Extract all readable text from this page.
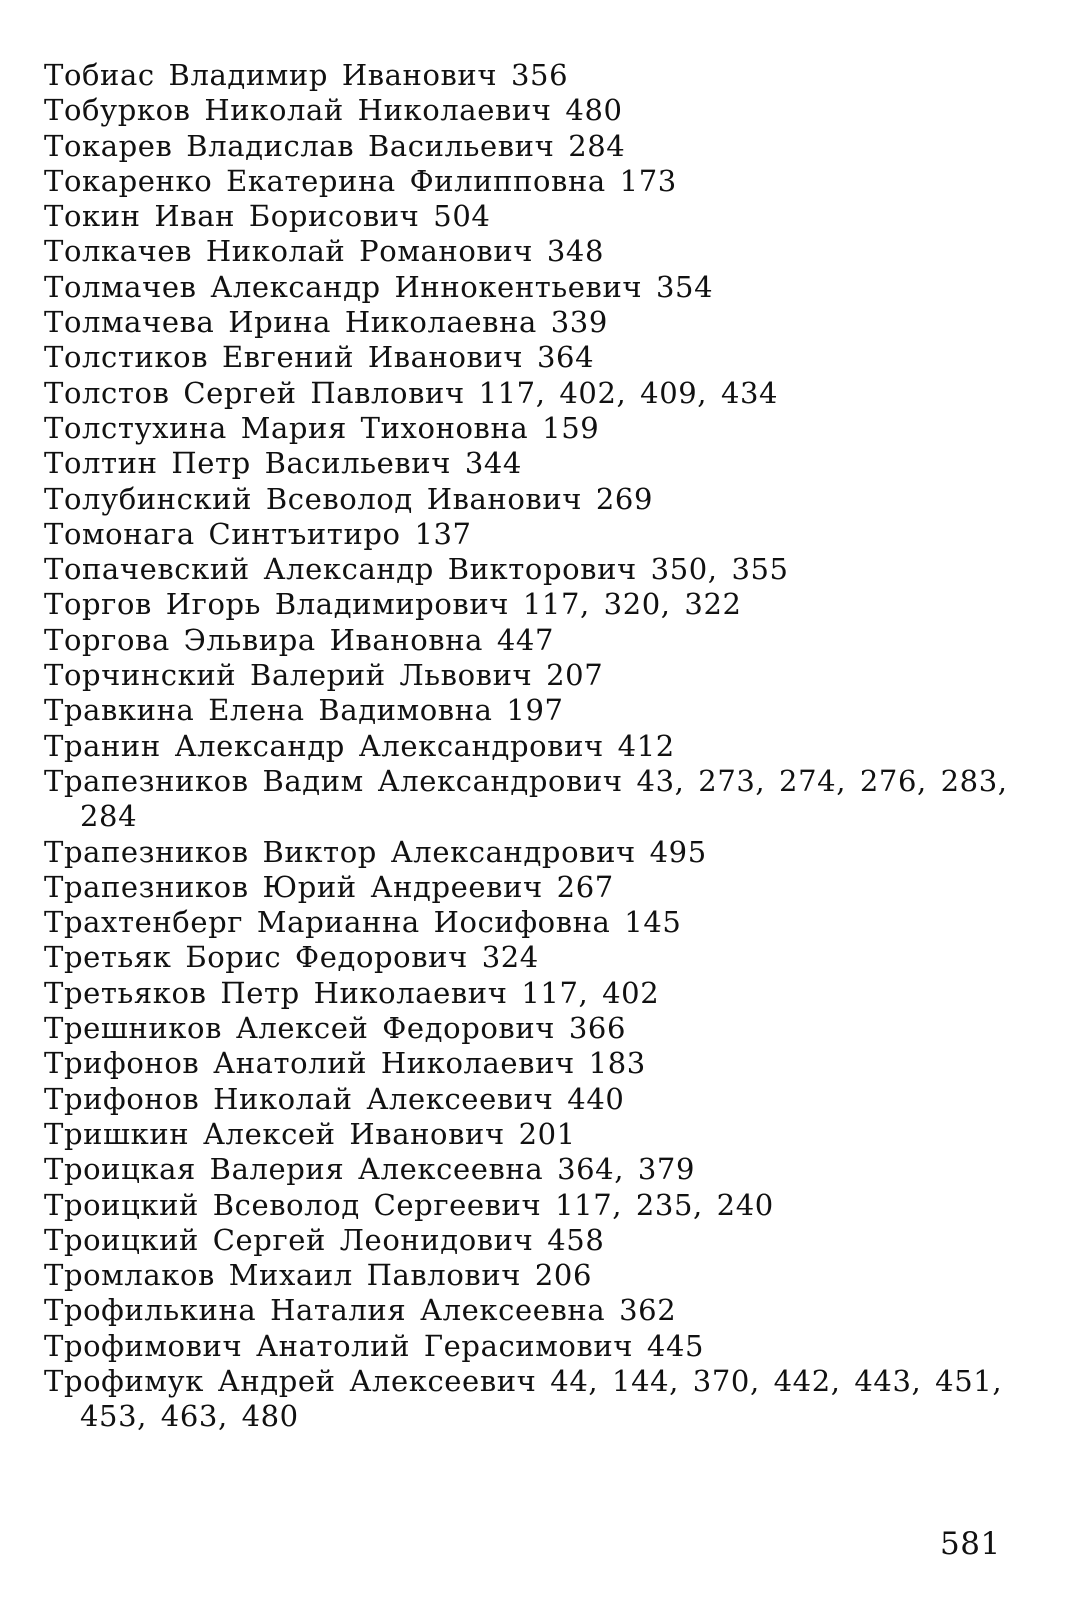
Тобиас Владимир Иванович 356
Тобурков Николай Николаевич 480
Токарев Владислав Васильевич 284
Токаренко Екатерина Филипповна 173
Токин Иван Борисович 504
Толкачев Николай Романович 348
Толмачев Александр Иннокентьевич 354
Толмачева Ирина Николаевна 339
Толстиков Евгений Иванович 364
Толстов Сергей Павлович 117, 402, 409, 434
Толстухина Мария Тихоновна 159
Толтин Петр Васильевич 344
Толубинский Всеволод Иванович 269
Томонага Синтъитиро 137
Топачевский Александр Викторович 350, 355
Торгов Игорь Владимирович 117, 320, 322
Торгова Эльвира Ивановна 447
Торчинский Валерий Львович 207
Травкина Елена Вадимовна 197
Транин Александр Александрович 412
Трапезников Вадим Александрович 43, 273, 274, 276, 283, 284
Трапезников Виктор Александрович 495
Трапезников Юрий Андреевич 267
Трахтенберг Марианна Иосифовна 145
Третьяк Борис Федорович 324
Третьяков Петр Николаевич 117, 402
Трешников Алексей Федорович 366
Трифонов Анатолий Николаевич 183
Трифонов Николай Алексеевич 440
Тришкин Алексей Иванович 201
Троицкая Валерия Алексеевна 364, 379
Троицкий Всеволод Сергеевич 117, 235, 240
Троицкий Сергей Леонидович 458
Тромлаков Михаил Павлович 206
Трофилькина Наталия Алексеевна 362
Трофимович Анатолий Герасимович 445
Трофимук Андрей Алексеевич 44, 144, 370, 442, 443, 451, 453, 463, 480
581
